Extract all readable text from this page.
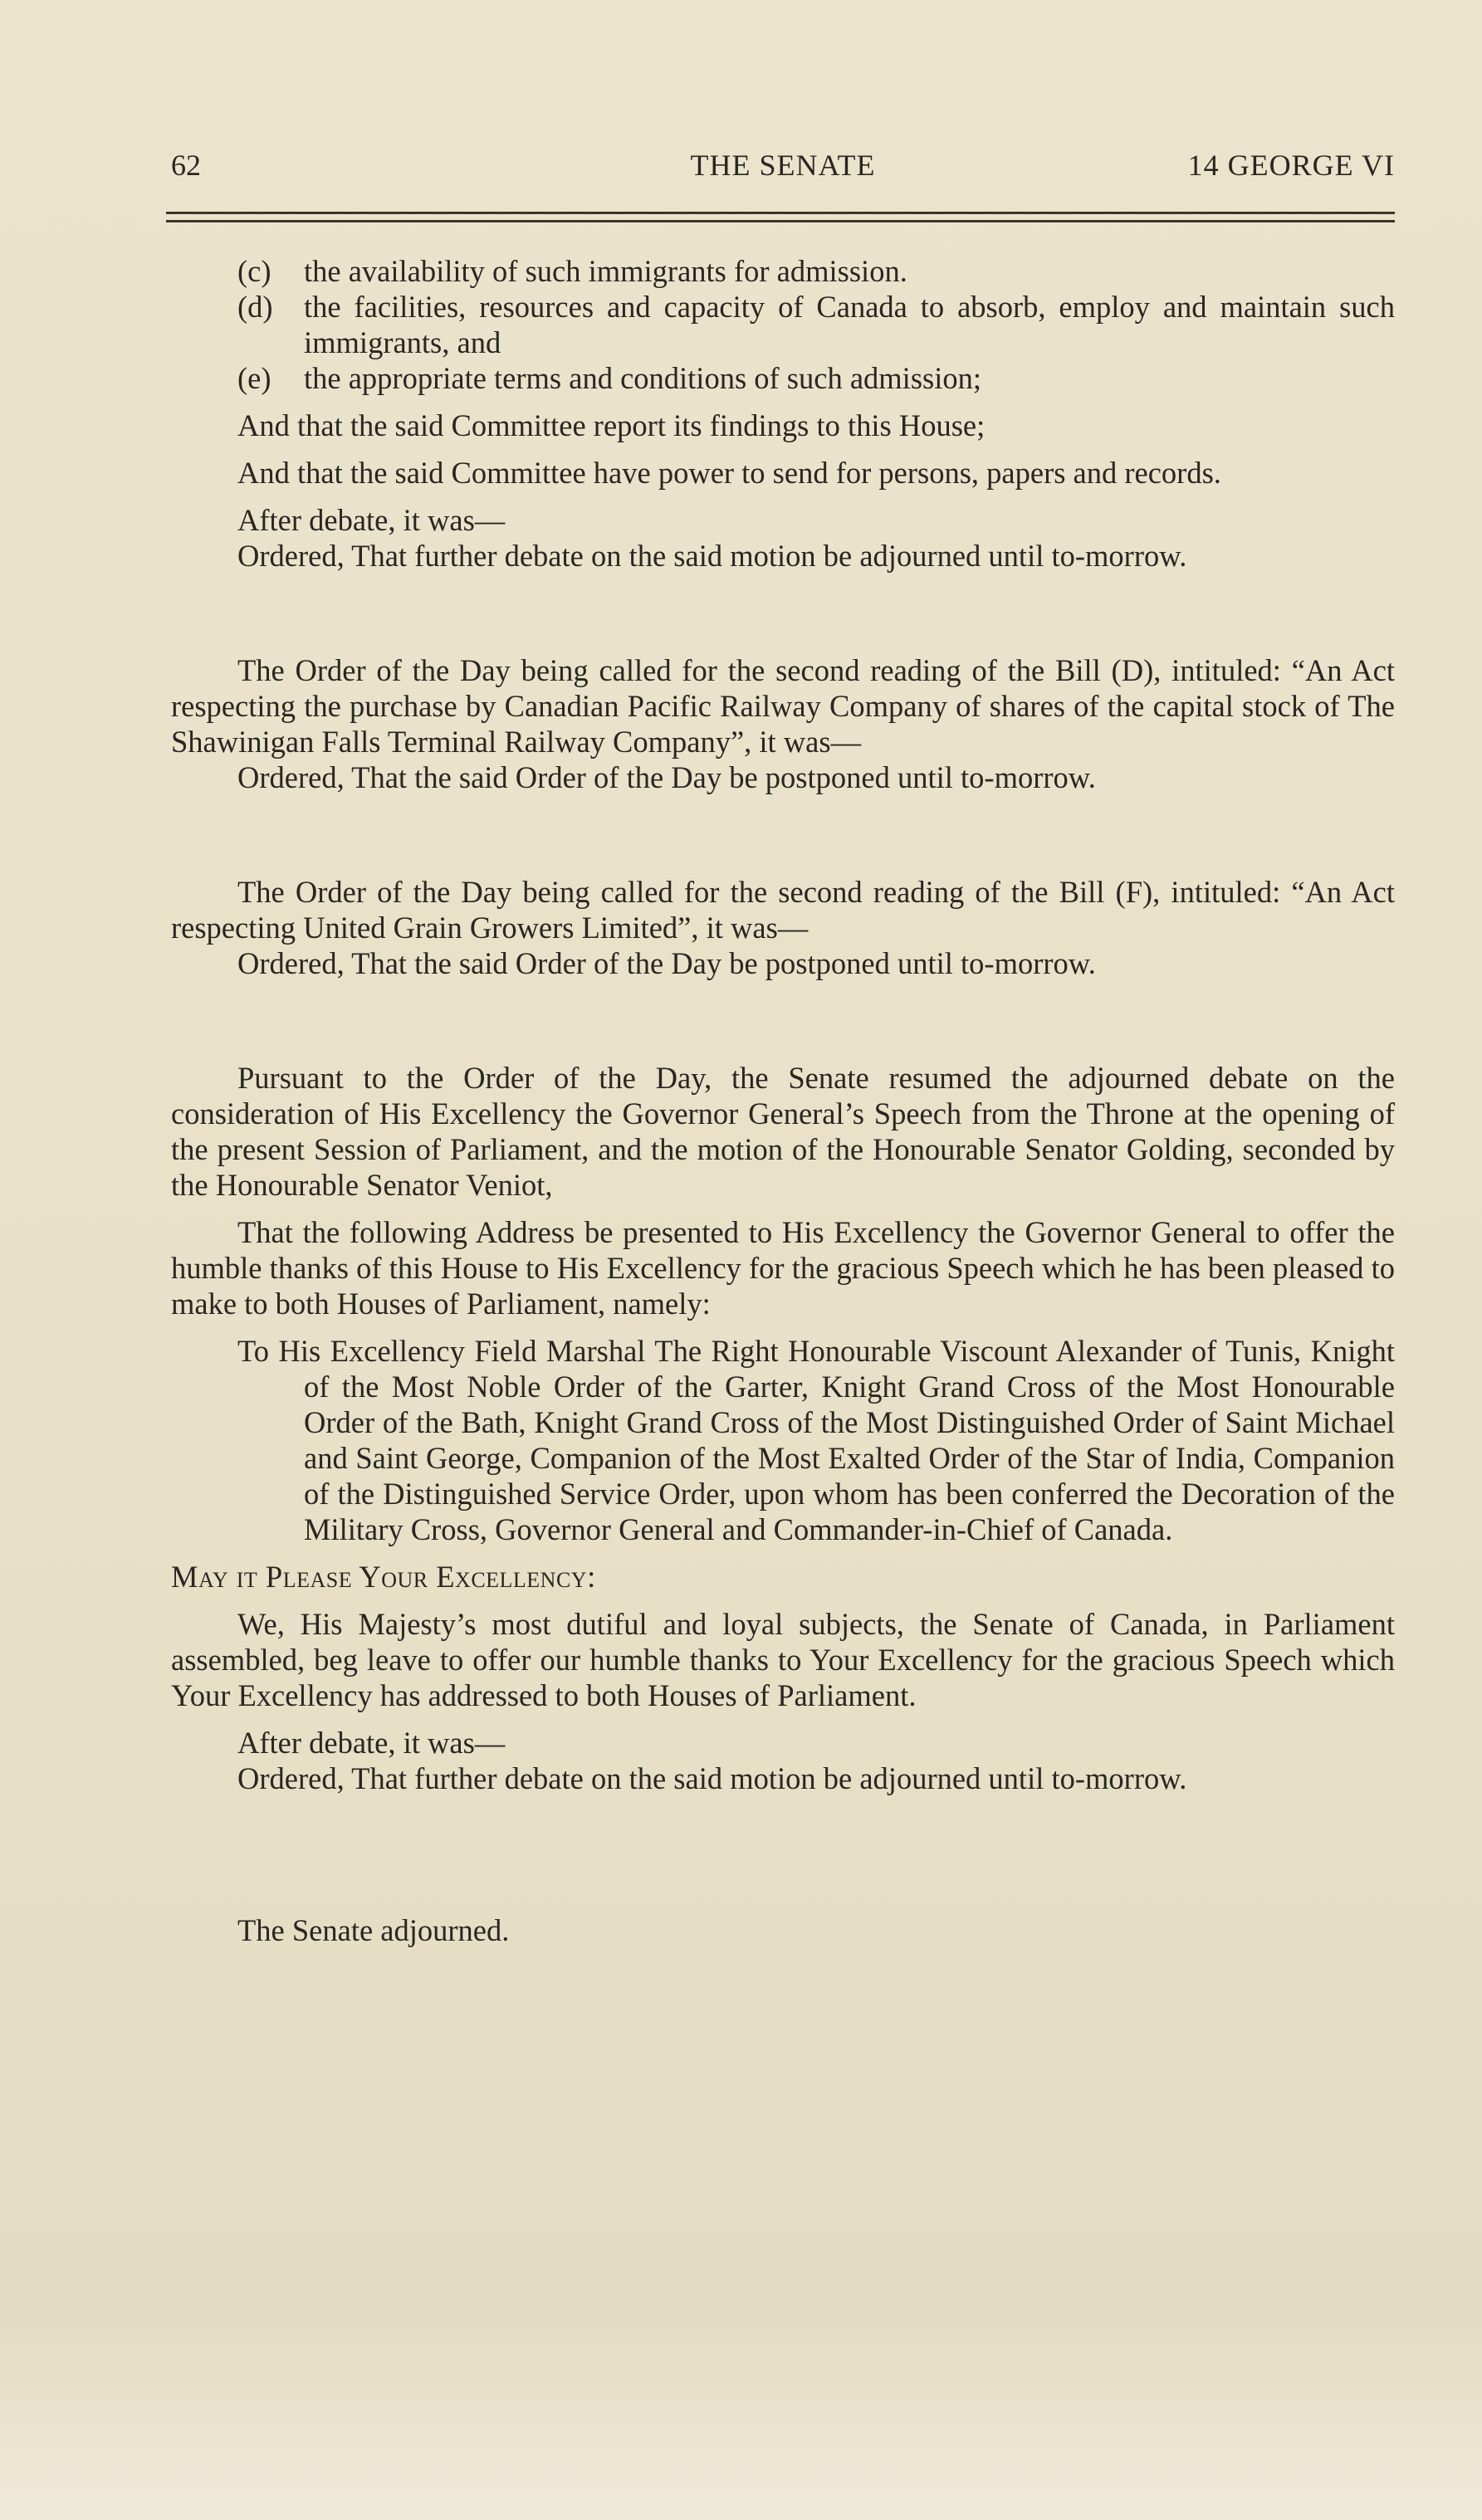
62	THE SENATE	14 GEORGE VI

(c) the availability of such immigrants for admission.

(d) the facilities, resources and capacity of Canada to absorb, employ and maintain such immigrants, and

(e) the appropriate terms and conditions of such admission;

And that the said Committee report its findings to this House;

And that the said Committee have power to send for persons, papers and records.

After debate, it was—

Ordered, That further debate on the said motion be adjourned until to-morrow.

The Order of the Day being called for the second reading of the Bill (D), intituled: “An Act respecting the purchase by Canadian Pacific Railway Company of shares of the capital stock of The Shawinigan Falls Terminal Railway Company”, it was—

Ordered, That the said Order of the Day be postponed until to-morrow.

The Order of the Day being called for the second reading of the Bill (F), intituled: “An Act respecting United Grain Growers Limited”, it was—

Ordered, That the said Order of the Day be postponed until to-morrow.

Pursuant to the Order of the Day, the Senate resumed the adjourned debate on the consideration of His Excellency the Governor General’s Speech from the Throne at the opening of the present Session of Parliament, and the motion of the Honourable Senator Golding, seconded by the Honourable Senator Veniot,

That the following Address be presented to His Excellency the Governor General to offer the humble thanks of this House to His Excellency for the gracious Speech which he has been pleased to make to both Houses of Parliament, namely:

To His Excellency Field Marshal The Right Honourable Viscount Alexander of Tunis, Knight of the Most Noble Order of the Garter, Knight Grand Cross of the Most Honourable Order of the Bath, Knight Grand Cross of the Most Distinguished Order of Saint Michael and Saint George, Companion of the Most Exalted Order of the Star of India, Companion of the Distinguished Service Order, upon whom has been conferred the Decoration of the Military Cross, Governor General and Commander-in-Chief of Canada.

May it Please Your Excellency:

We, His Majesty’s most dutiful and loyal subjects, the Senate of Canada, in Parliament assembled, beg leave to offer our humble thanks to Your Excellency for the gracious Speech which Your Excellency has addressed to both Houses of Parliament.

After debate, it was—

Ordered, That further debate on the said motion be adjourned until to-morrow.

The Senate adjourned.
